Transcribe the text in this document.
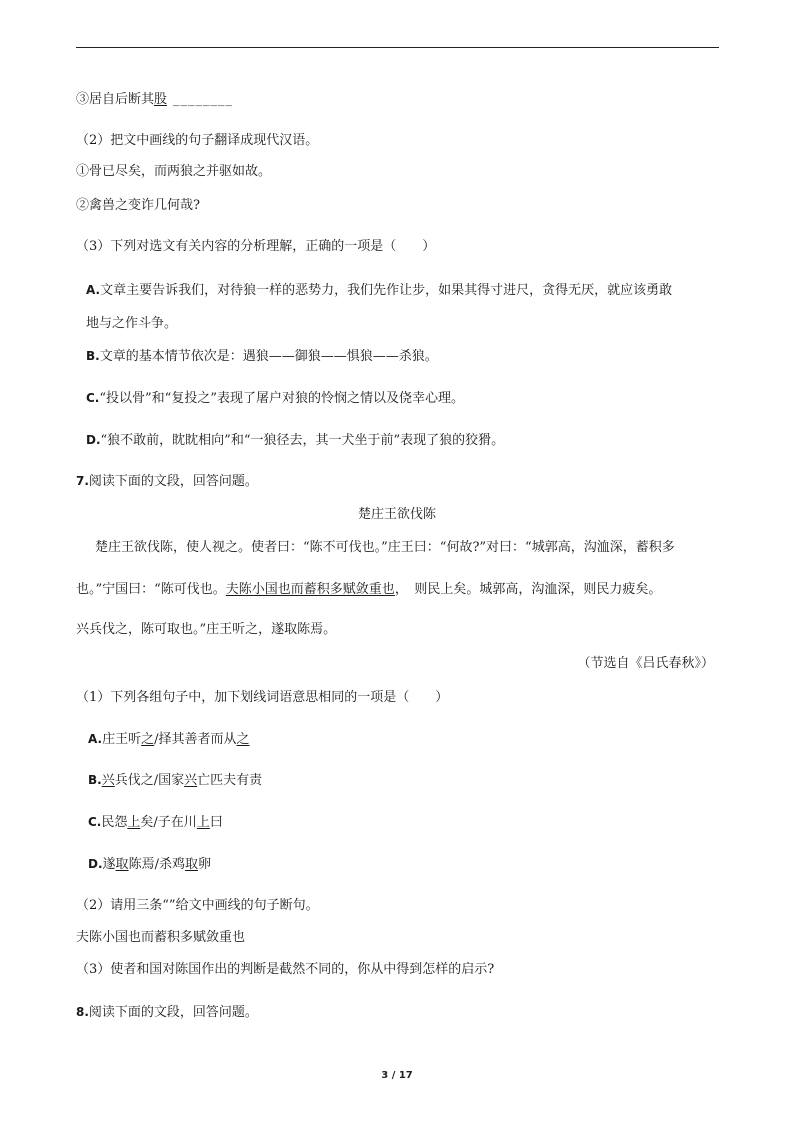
③居自后断其股 ________
（2）把文中画线的句子翻译成现代汉语。
①骨已尽矣，而两狼之并驱如故。
②禽兽之变诈几何哉?
（3）下列对选文有关内容的分析理解，正确的一项是（　　）
A.文章主要告诉我们，对待狼一样的恶势力，我们先作让步，如果其得寸进尺，贪得无厌，就应该勇敢
地与之作斗争。
B.文章的基本情节依次是：遇狼——御狼——惧狼——杀狼。
C.“投以骨”和“复投之”表现了屠户对狼的怜悯之情以及侥幸心理。
D.“狼不敢前，眈眈相向”和“一狼径去，其一犬坐于前”表现了狼的狡猾。
7.阅读下面的文段，回答问题。
楚庄王欲伐陈
楚庄王欲伐陈，使人视之。使者曰：“陈不可伐也。”庄王曰：“何故?”对曰：“城郭高，沟洫深，蓄积多
也。”宁国曰：“陈可伐也。夫陈小国也而蓄积多赋敛重也，　则民上矣。城郭高，沟洫深，则民力疲矣。
兴兵伐之，陈可取也。”庄王听之，遂取陈焉。
（节选自《吕氏春秋》）
（1）下列各组句子中，加下划线词语意思相同的一项是（　　）
A.庄王听之/择其善者而从之
B.兴兵伐之/国家兴亡匹夫有责
C.民怨上矣/子在川上曰
D.遂取陈焉/杀鸡取卵
（2）请用三条“”给文中画线的句子断句。
夫陈小国也而蓄积多赋敛重也
（3）使者和国对陈国作出的判断是截然不同的，你从中得到怎样的启示?
8.阅读下面的文段，回答问题。
3 / 17
